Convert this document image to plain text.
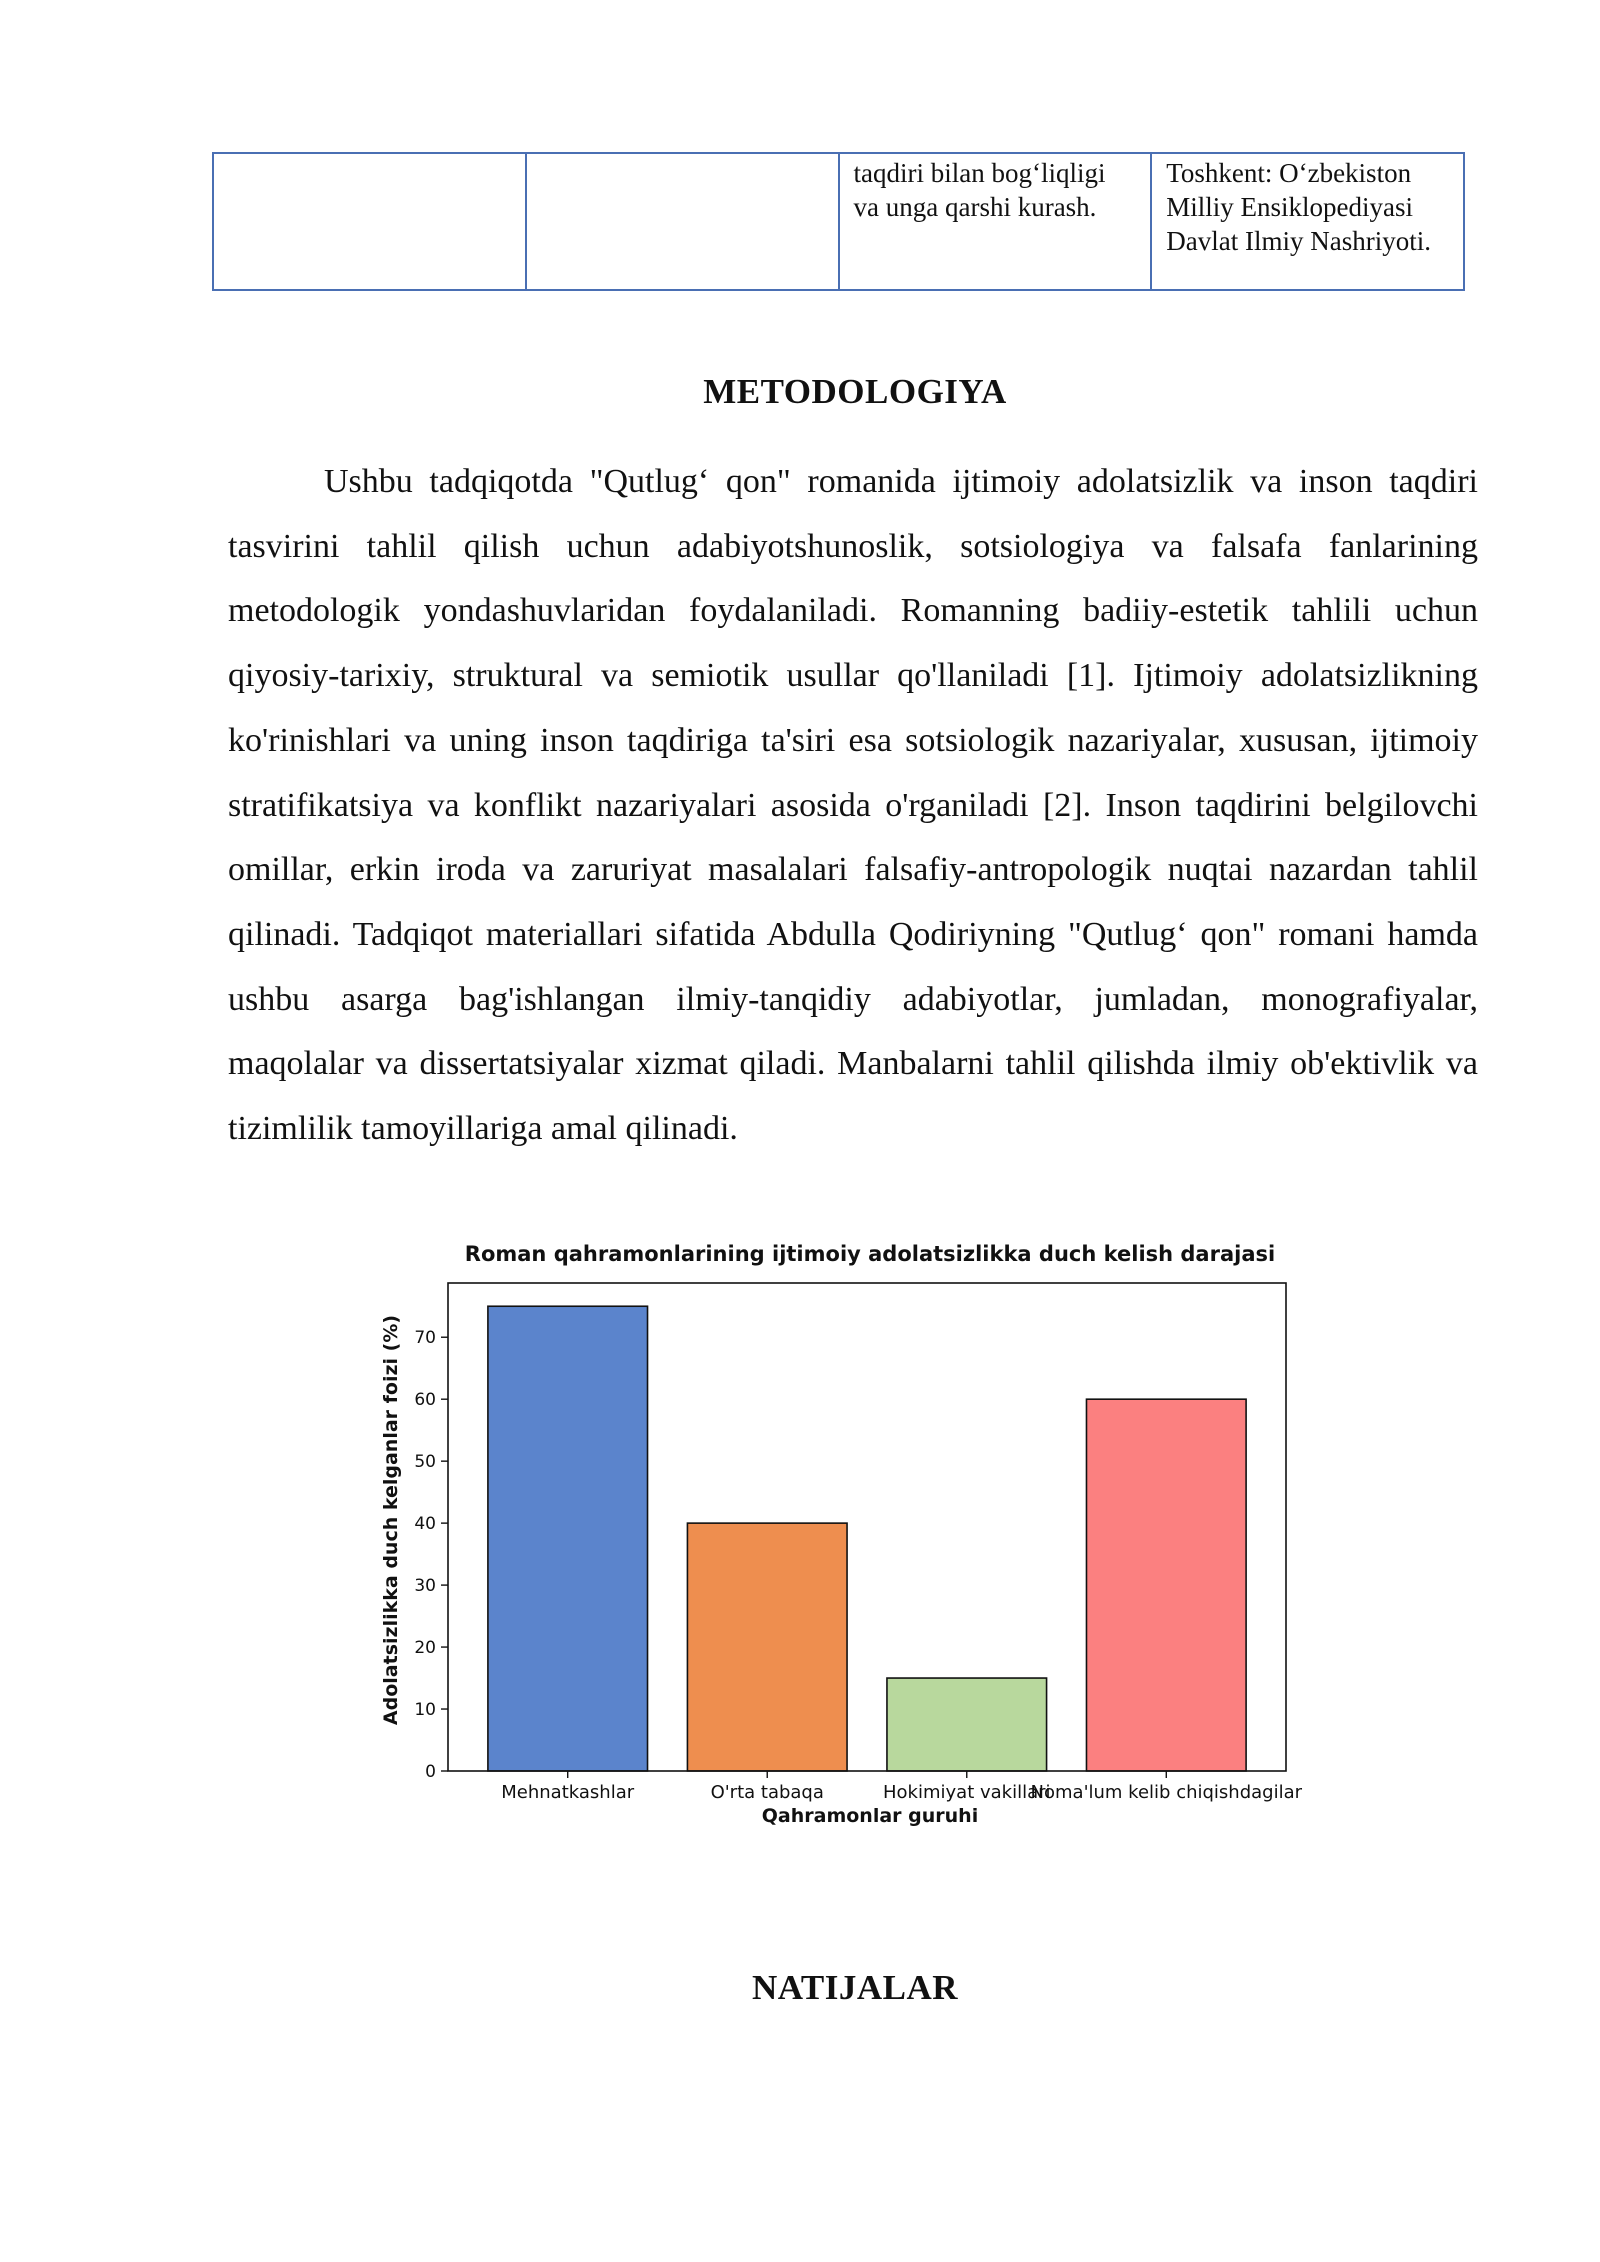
		taqdiri bilan bog‘liqligi va unga qarshi kurash.	Toshkent: O‘zbekiston Milliy Ensiklopediyasi Davlat Ilmiy Nashriyoti.
METODOLOGIYA

Ushbu tadqiqotda "Qutlug‘ qon" romanida ijtimoiy adolatsizlik va inson taqdiri tasvirini tahlil qilish uchun adabiyotshunoslik, sotsiologiya va falsafa fanlarining metodologik yondashuvlaridan foydalaniladi. Romanning badiiy-estetik tahlili uchun qiyosiy-tarixiy, struktural va semiotik usullar qo'llaniladi [1]. Ijtimoiy adolatsizlikning ko'rinishlari va uning inson taqdiriga ta'siri esa sotsiologik nazariyalar, xususan, ijtimoiy stratifikatsiya va konflikt nazariyalari asosida o'rganiladi [2]. Inson taqdirini belgilovchi omillar, erkin iroda va zaruriyat masalalari falsafiy-antropologik nuqtai nazardan tahlil qilinadi. Tadqiqot materiallari sifatida Abdulla Qodiriyning "Qutlug‘ qon" romani hamda ushbu asarga bag'ishlangan ilmiy-tanqidiy adabiyotlar, jumladan, monografiyalar, maqolalar va dissertatsiyalar xizmat qiladi. Manbalarni tahlil qilishda ilmiy ob'ektivlik va tizimlilik tamoyillariga amal qilinadi.

Roman qahramonlarining ijtimoiy adolatsizlikka duch kelish darajasi
Adolatsizlikka duch kelganlar foizi (%)
Qahramonlar guruhi
0
10
20
30
40
50
60
70
Mehnatkashlar	O'rta tabaqa	Hokimiyat vakillari
Noma'lum kelib chiqishdagilar
NATIJALAR
